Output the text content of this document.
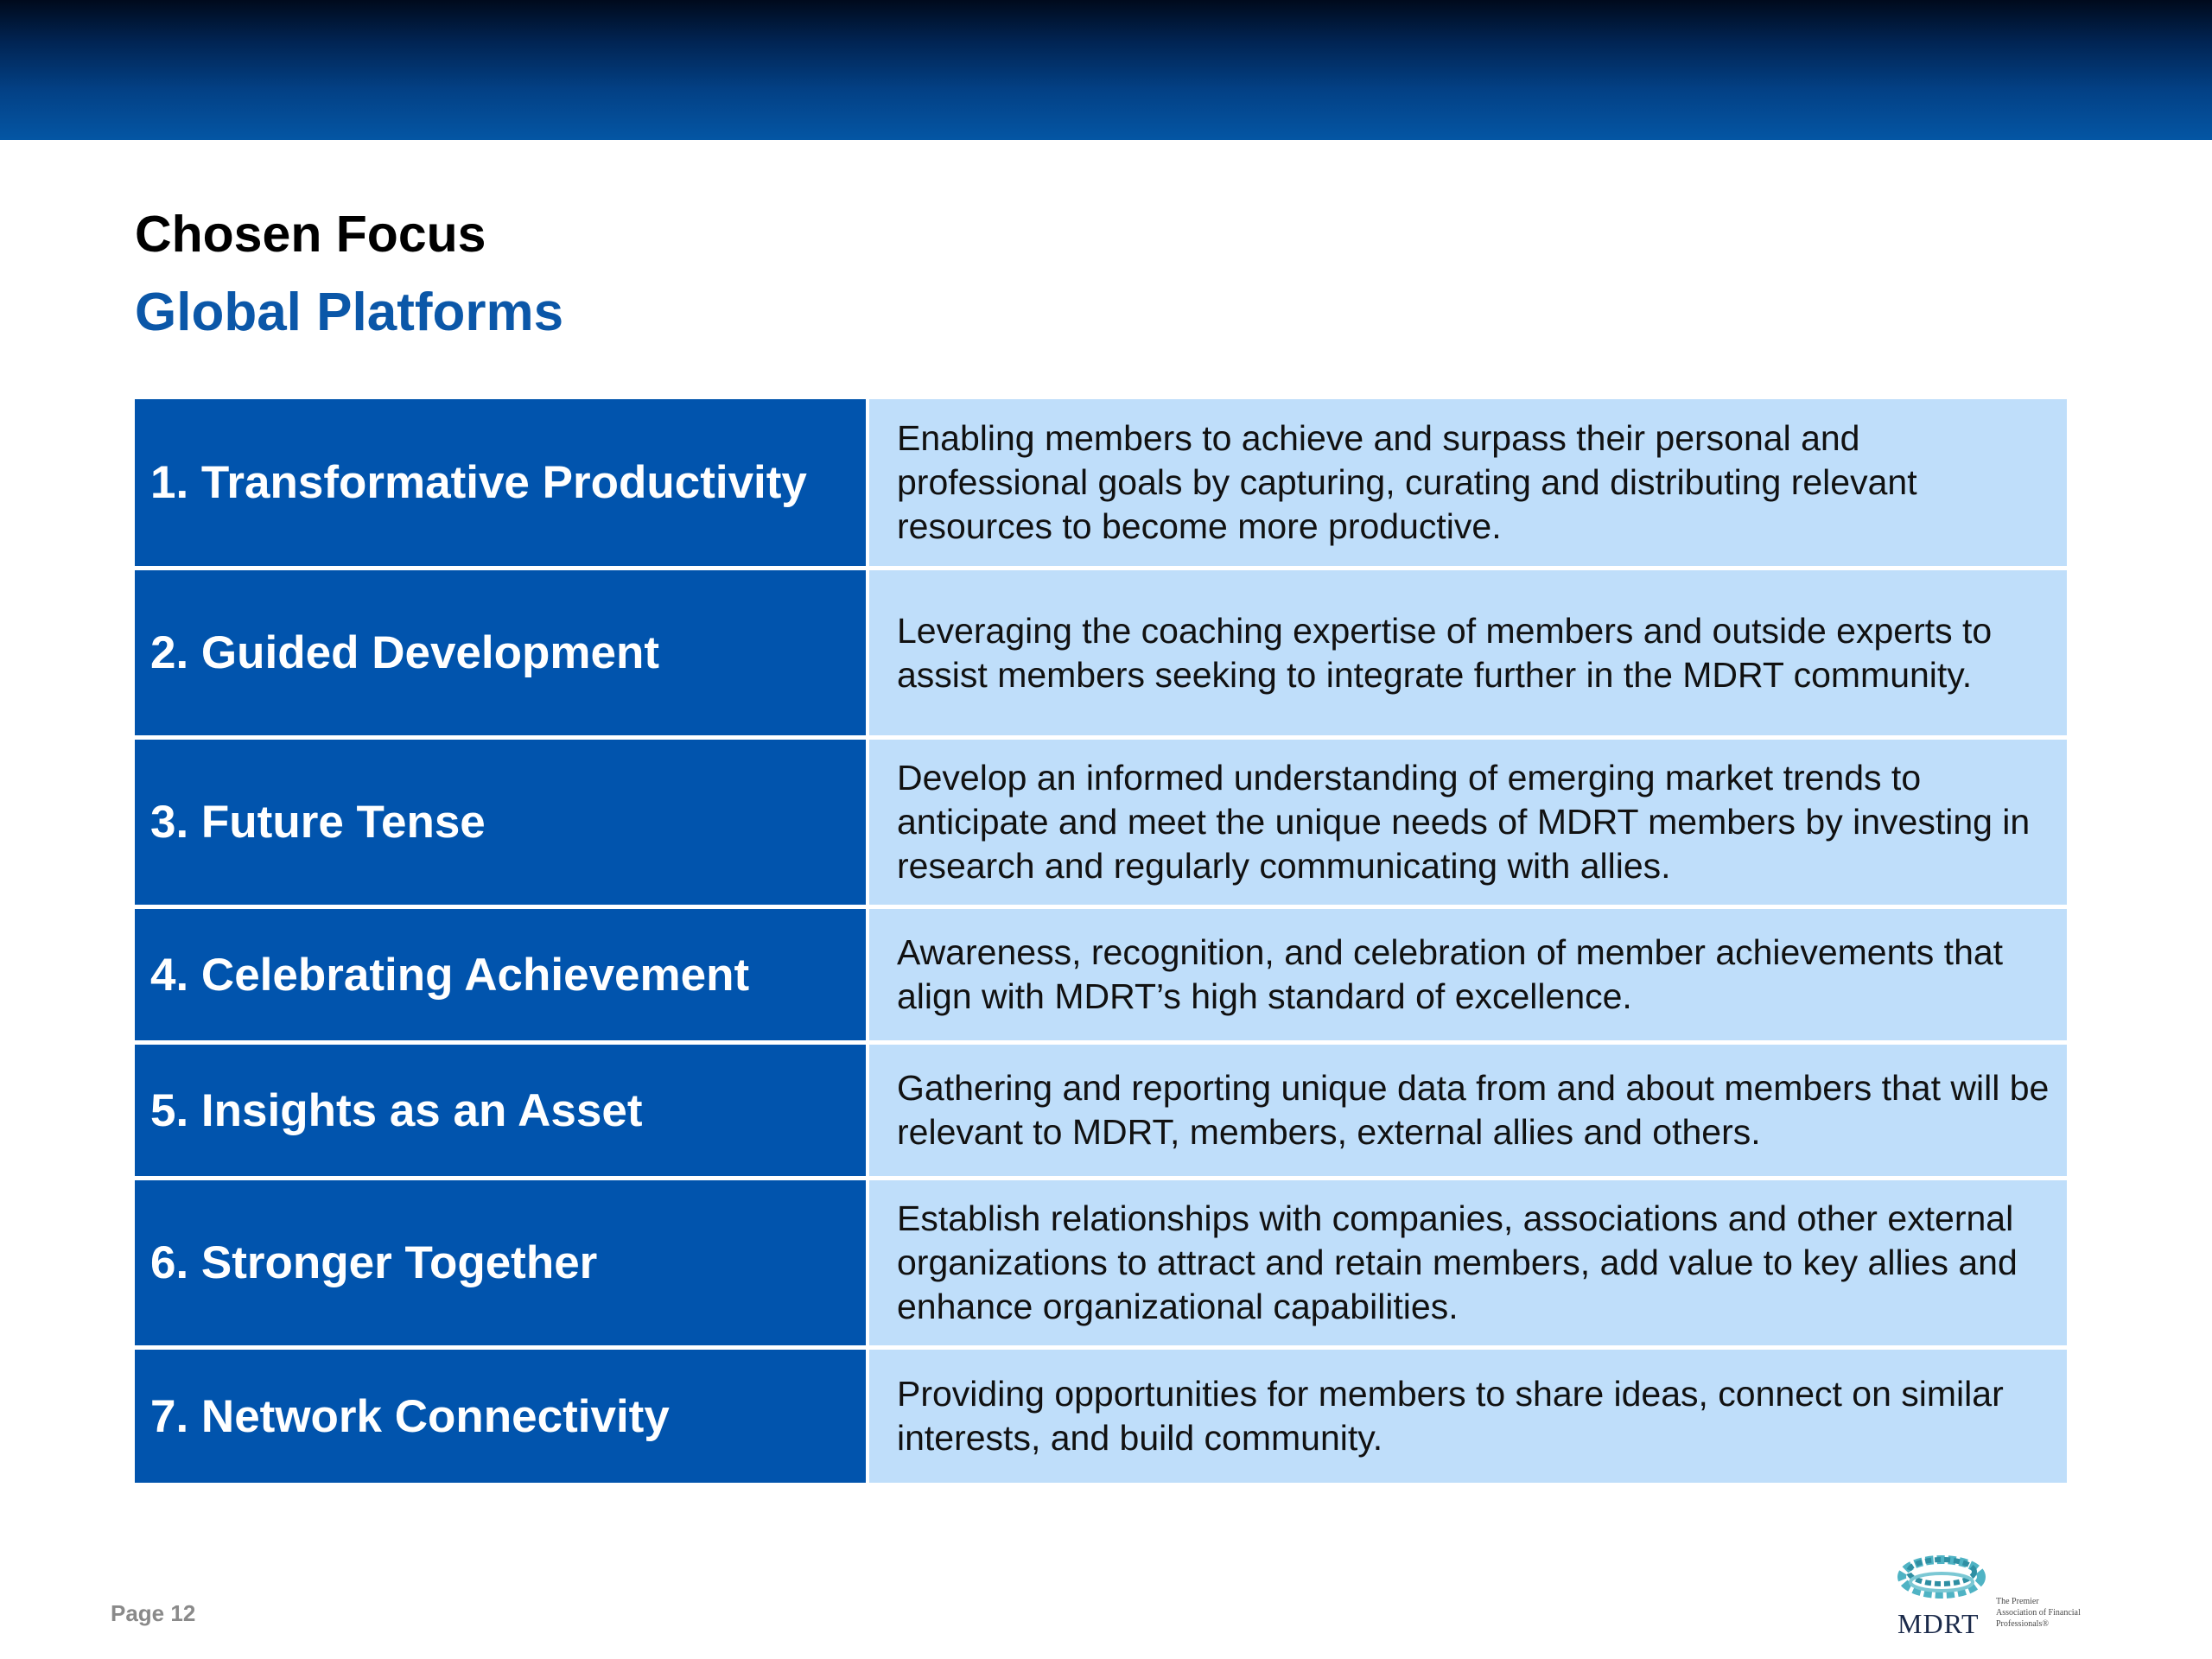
Chosen Focus
Global Platforms
1. Transformative Productivity	Enabling members to achieve and surpass their personal and professional goals by capturing, curating and distributing relevant resources to become more productive.
2. Guided Development	Leveraging the coaching expertise of members and outside experts to assist members seeking to integrate further in the MDRT community.
3. Future Tense	Develop an informed understanding of emerging market trends to anticipate and meet the unique needs of MDRT members by investing in research and regularly communicating with allies.
4. Celebrating Achievement	Awareness, recognition, and celebration of member achievements that align with MDRT’s high standard of excellence.
5. Insights as an Asset	Gathering and reporting unique data from and about members that will be relevant to MDRT, members, external allies and others.
6. Stronger Together	Establish relationships with companies, associations and other external organizations to attract and retain members, add value to key allies and enhance organizational capabilities.
7. Network Connectivity	Providing opportunities for members to share ideas, connect on similar interests, and build community.
Page 12	MDRT
The Premier
Association of Financial
Professionals®
